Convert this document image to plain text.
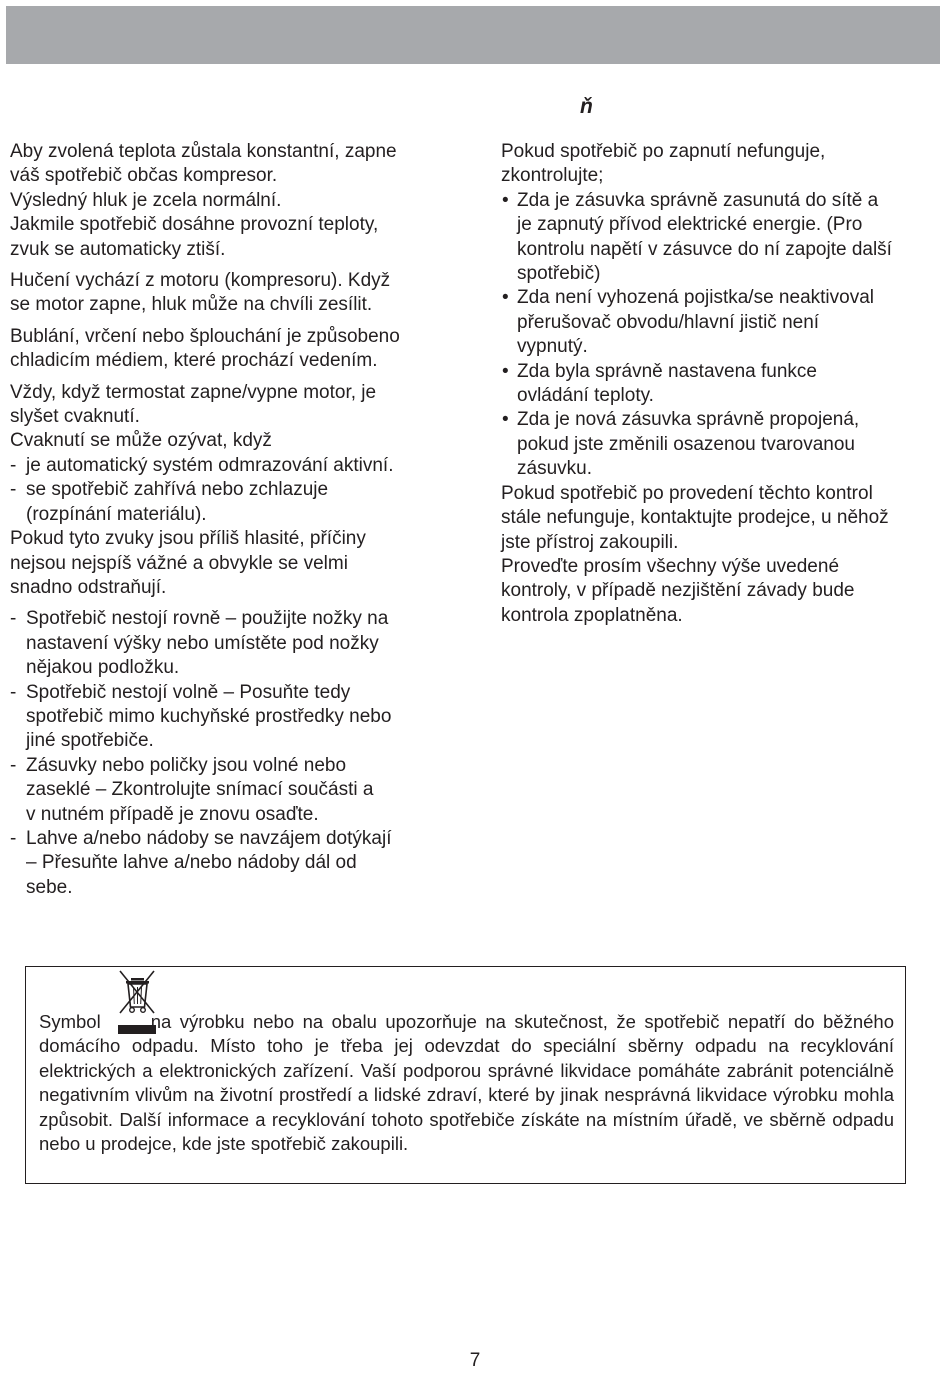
ň

Aby zvolená teplota zůstala konstantní, zapne
váš spotřebič občas kompresor.
Výsledný hluk je zcela normální.
Jakmile spotřebič dosáhne provozní teploty,
zvuk se automaticky ztiší.

Hučení vychází z motoru (kompresoru). Když
se motor zapne, hluk může na chvíli zesílit.

Bublání, vrčení nebo šplouchání je způsobeno
chladicím médiem, které prochází vedením.

Vždy, když termostat zapne/vypne motor, je
slyšet cvaknutí.
Cvaknutí se může ozývat, když

- je automatický systém odmrazování aktivní.
- se spotřebič zahřívá nebo zchlazuje
(rozpínání materiálu).

Pokud tyto zvuky jsou příliš hlasité, příčiny
nejsou nejspíš vážné a obvykle se velmi
snadno odstraňují.

- Spotřebič nestojí rovně – použijte nožky na
nastavení výšky nebo umístěte pod nožky
nějakou podložku.
- Spotřebič nestojí volně – Posuňte tedy
spotřebič mimo kuchyňské prostředky nebo
jiné spotřebiče.
- Zásuvky nebo poličky jsou volné nebo
zaseklé – Zkontrolujte snímací součásti a
v nutném případě je znovu osaďte.
- Lahve a/nebo nádoby se navzájem dotýkají
– Přesuňte lahve a/nebo nádoby dál od
sebe.

Pokud spotřebič po zapnutí nefunguje,
zkontrolujte;

• Zda je zásuvka správně zasunutá do sítě a
je zapnutý přívod elektrické energie. (Pro
kontrolu napětí v zásuvce do ní zapojte další
spotřebič)
• Zda není vyhozená pojistka/se neaktivoval
přerušovač obvodu/hlavní jistič není
vypnutý.
• Zda byla správně nastavena funkce
ovládání teploty.
• Zda je nová zásuvka správně propojená,
pokud jste změnili osazenou tvarovanou
zásuvku.

Pokud spotřebič po provedení těchto kontrol
stále nefunguje, kontaktujte prodejce, u něhož
jste přístroj zakoupili.

Proveďte prosím všechny výše uvedené
kontroly, v případě nezjištění závady bude
kontrola zpoplatněna.

Symbol	na výrobku nebo na obalu upozorňuje na skutečnost, že spotřebič nepatří do běžného domácího odpadu. Místo toho je třeba jej odevzdat do speciální sběrny odpadu na recyklování elektrických a elektronických zařízení. Vaší podporou správné likvidace pomáháte zabránit potenciálně negativním vlivům na životní prostředí a lidské zdraví, které by jinak nesprávná likvidace výrobku mohla způsobit. Další informace a recyklování tohoto spotřebiče získáte na místním úřadě, ve sběrně odpadu nebo u prodejce, kde jste spotřebič zakoupili.
7
